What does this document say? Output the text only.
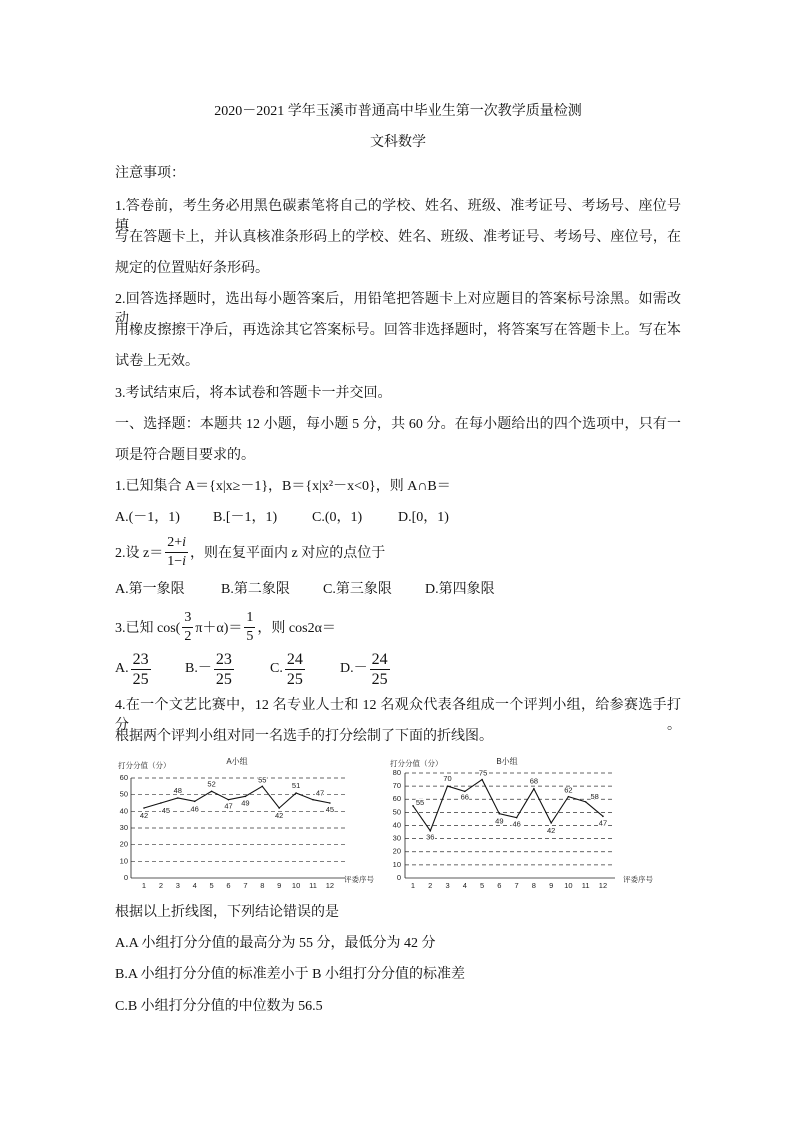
2020－2021 学年玉溪市普通高中毕业生第一次教学质量检测
文科数学
注意事项：
1.答卷前，考生务必用黑色碳素笔将自己的学校、姓名、班级、准考证号、考场号、座位号填
写在答题卡上，并认真核准条形码上的学校、姓名、班级、准考证号、考场号、座位号，在
规定的位置贴好条形码。
2.回答选择题时，选出每小题答案后，用铅笔把答题卡上对应题目的答案标号涂黑。如需改动，
用橡皮擦擦干净后，再选涂其它答案标号。回答非选择题时，将答案写在答题卡上。写在本
试卷上无效。
3.考试结束后，将本试卷和答题卡一并交回。
一、选择题：本题共 12 小题，每小题 5 分，共 60 分。在每小题给出的四个选项中，只有一
项是符合题目要求的。
1.已知集合 A＝{x|x≥－1}，B＝{x|x²－x<0}，则 A∩B＝
A.(－1，1) B.[－1，1) C.(0，1)	D.[0，1)
2.设 $z= \frac{2+i}{1-i}$ ，则在复平面内 z 对应的点位于
A.第一象限	B.第二象限 C.第三象限 D.第四象限
3.已知 $\cos( \frac{3}{2} \pi+\alpha)= \frac{1}{5}$ ，则 cos2α＝
A. $\frac{23}{25} B$. － $\frac{23}{25}$	C. $\frac{24}{25}$	D. － $\frac{24}{25}$
4.在一个文艺比赛中，12 名专业人士和 12 名观众代表各组成一个评判小组，给参赛选手打分。
根据两个评判小组对同一名选手的打分绘制了下面的折线图。
0
10
20
30
40
50
60
1 2 3 4 5 6 7 8 9 10 11 12
42
45
48
46
52
47 49
55
42
51
47
45
A小组
打分分值（分）
评委序号	0
10
20
30
40
50
60
70
80
1 2 3 4 5 6 7 8 9 10 11 12
55
36
70
66
75
49 46
68
42
62
58
47
B小组
打分分值（分）
评委序号
根据以上折线图，下列结论错误的是
A.A 小组打分分值的最高分为 55 分，最低分为 42 分
B.A 小组打分分值的标准差小于 B 小组打分分值的标准差
C.B 小组打分分值的中位数为 56.5
